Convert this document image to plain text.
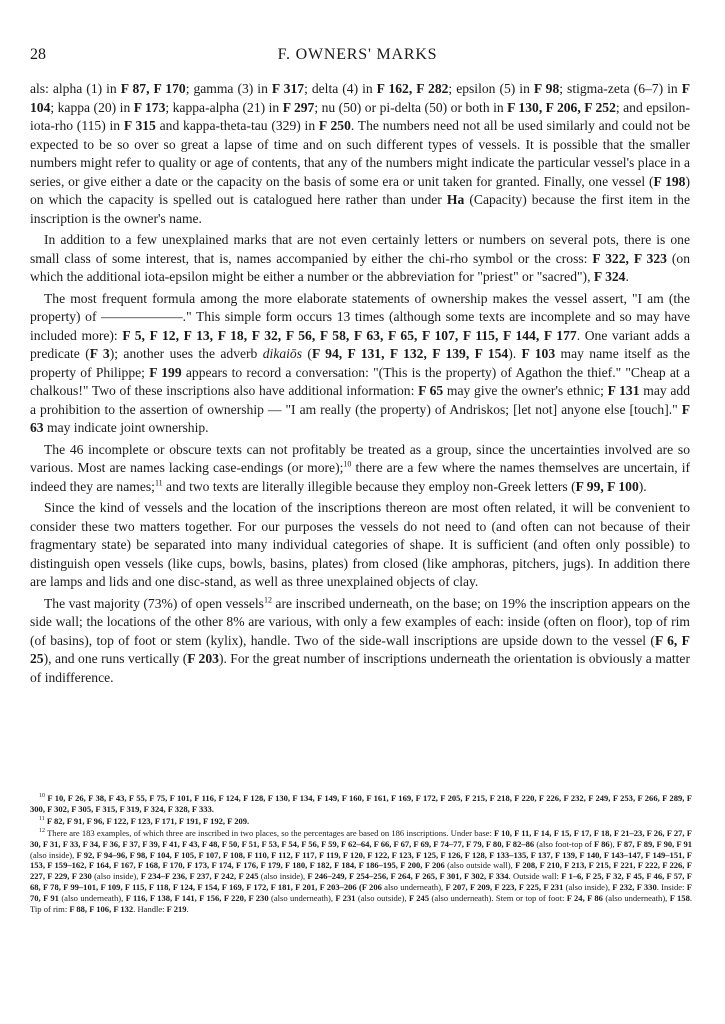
28	F. OWNERS' MARKS

als: alpha (1) in F 87, F 170; gamma (3) in F 317; delta (4) in F 162, F 282; epsilon (5) in F 98; stigma-zeta (6–7) in F 104; kappa (20) in F 173; kappa-alpha (21) in F 297; nu (50) or pi-delta (50) or both in F 130, F 206, F 252; and epsilon-iota-rho (115) in F 315 and kappa-theta-tau (329) in F 250. The numbers need not all be used similarly and could not be expected to be so over so great a lapse of time and on such different types of vessels. It is possible that the smaller numbers might refer to quality or age of contents, that any of the numbers might indicate the particular vessel's place in a series, or give either a date or the capacity on the basis of some era or unit taken for granted. Finally, one vessel (F 198) on which the capacity is spelled out is catalogued here rather than under Ha (Capacity) because the first item in the inscription is the owner's name.

In addition to a few unexplained marks that are not even certainly letters or numbers on several pots, there is one small class of some interest, that is, names accompanied by either the chi-rho symbol or the cross: F 322, F 323 (on which the additional iota-epsilon might be either a number or the abbreviation for "priest" or "sacred"), F 324.

The most frequent formula among the more elaborate statements of ownership makes the vessel assert, "I am (the property) of ——————." This simple form occurs 13 times (although some texts are incomplete and so may have included more): F 5, F 12, F 13, F 18, F 32, F 56, F 58, F 63, F 65, F 107, F 115, F 144, F 177. One variant adds a predicate (F 3); another uses the adverb dikaiōs (F 94, F 131, F 132, F 139, F 154). F 103 may name itself as the property of Philippe; F 199 appears to record a conversation: "(This is the property) of Agathon the thief." "Cheap at a chalkous!" Two of these inscriptions also have additional information: F 65 may give the owner's ethnic; F 131 may add a prohibition to the assertion of ownership — "I am really (the property) of Andriskos; [let not] anyone else [touch]." F 63 may indicate joint ownership.

The 46 incomplete or obscure texts can not profitably be treated as a group, since the uncertainties involved are so various. Most are names lacking case-endings (or more);$^{10}$ there are a few where the names themselves are uncertain, if indeed they are names;$^{11}$ and two texts are literally illegible because they employ non-Greek letters (F 99, F 100).

Since the kind of vessels and the location of the inscriptions thereon are most often related, it will be convenient to consider these two matters together. For our purposes the vessels do not need to (and often can not because of their fragmentary state) be separated into many individual categories of shape. It is sufficient (and often only possible) to distinguish open vessels (like cups, bowls, basins, plates) from closed (like amphoras, pitchers, jugs). In addition there are lamps and lids and one disc-stand, as well as three unexplained objects of clay.

The vast majority (73%) of open vessels$^{12}$ are inscribed underneath, on the base; on 19% the inscription appears on the side wall; the locations of the other 8% are various, with only a few examples of each: inside (often on floor), top of rim (of basins), top of foot or stem (kylix), handle. Two of the side-wall inscriptions are upside down to the vessel (F 6, F 25), and one runs vertically (F 203). For the great number of inscriptions underneath the orientation is obviously a matter of indifference.

$^{10}$ F 10, F 26, F 38, F 43, F 55, F 75, F 101, F 116, F 124, F 128, F 130, F 134, F 149, F 160, F 161, F 169, F 172, F 205, F 215, F 218, F 220, F 226, F 232, F 249, F 253, F 266, F 289, F 300, F 302, F 305, F 315, F 319, F 324, F 328, F 333.

$^{11}$ F 82, F 91, F 96, F 122, F 123, F 171, F 191, F 192, F 209.

$^{12}$ There are 183 examples, of which three are inscribed in two places, so the percentages are based on 186 inscriptions. Under base: F 10, F 11, F 14, F 15, F 17, F 18, F 21–23, F 26, F 27, F 30, F 31, F 33, F 34, F 36, F 37, F 39, F 41, F 43, F 48, F 50, F 51, F 53, F 54, F 56, F 59, F 62–64, F 66, F 67, F 69, F 74–77, F 79, F 80, F 82–86 (also foot-top of F 86), F 87, F 89, F 90, F 91 (also inside), F 92, F 94–96, F 98, F 104, F 105, F 107, F 108, F 110, F 112, F 117, F 119, F 120, F 122, F 123, F 125, F 126, F 128, F 133–135, F 137, F 139, F 140, F 143–147, F 149–151, F 153, F 159–162, F 164, F 167, F 168, F 170, F 173, F 174, F 176, F 179, F 180, F 182, F 184, F 186–195, F 200, F 206 (also outside wall), F 208, F 210, F 213, F 215, F 221, F 222, F 226, F 227, F 229, F 230 (also inside), F 234–F 236, F 237, F 242, F 245 (also inside), F 246–249, F 254–256, F 264, F 265, F 301, F 302, F 334. Outside wall: F 1–6, F 25, F 32, F 45, F 46, F 57, F 68, F 78, F 99–101, F 109, F 115, F 118, F 124, F 154, F 169, F 172, F 181, F 201, F 203–206 (F 206 also underneath), F 207, F 209, F 223, F 225, F 231 (also inside), F 232, F 330. Inside: F 70, F 91 (also underneath), F 116, F 138, F 141, F 156, F 220, F 230 (also underneath), F 231 (also outside), F 245 (also underneath). Stem or top of foot: F 24, F 86 (also underneath), F 158. Tip of rim: F 88, F 106, F 132. Handle: F 219.
